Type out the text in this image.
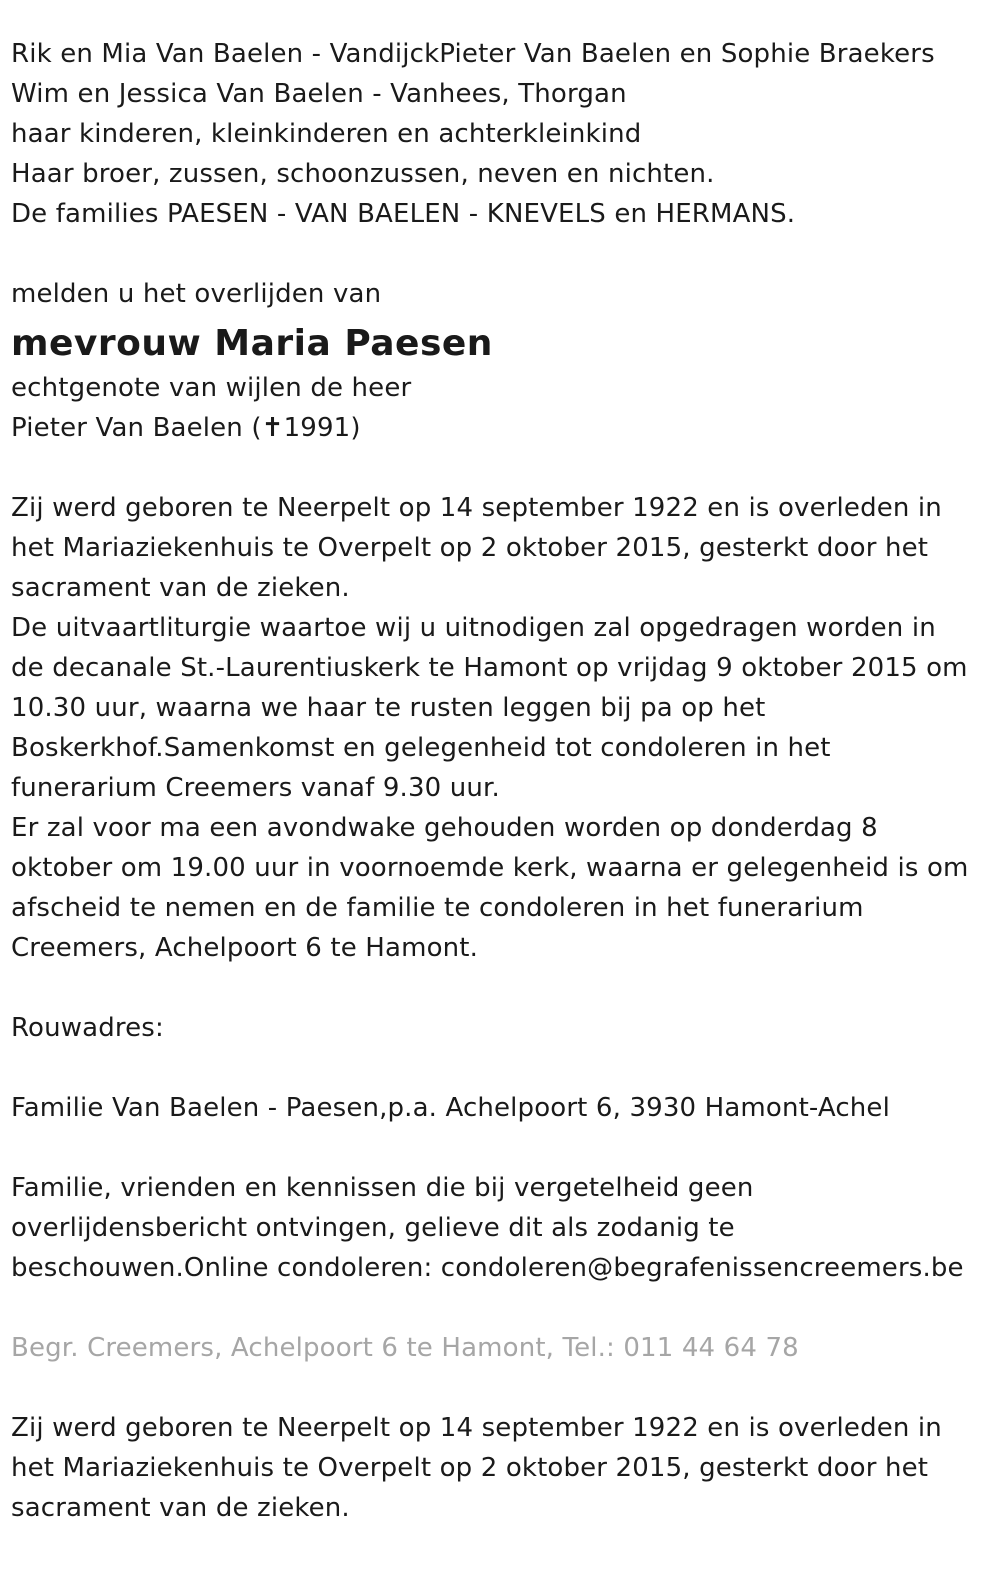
Rik en Mia Van Baelen - VandijckPieter Van Baelen en Sophie Braekers
Wim en Jessica Van Baelen - Vanhees, Thorgan
haar kinderen, kleinkinderen en achterkleinkind
Haar broer, zussen, schoonzussen, neven en nichten.
De families PAESEN - VAN BAELEN - KNEVELS en HERMANS.
melden u het overlijden van
mevrouw Maria Paesen
echtgenote van wijlen de heer
Pieter Van Baelen (✝1991)
Zij werd geboren te Neerpelt op 14 september 1922 en is overleden in
het Mariaziekenhuis te Overpelt op 2 oktober 2015, gesterkt door het
sacrament van de zieken.
De uitvaartliturgie waartoe wij u uitnodigen zal opgedragen worden in
de decanale St.-Laurentiuskerk te Hamont op vrijdag 9 oktober 2015 om
10.30 uur, waarna we haar te rusten leggen bij pa op het
Boskerkhof.Samenkomst en gelegenheid tot condoleren in het
funerarium Creemers vanaf 9.30 uur.
Er zal voor ma een avondwake gehouden worden op donderdag 8
oktober om 19.00 uur in voornoemde kerk, waarna er gelegenheid is om
afscheid te nemen en de familie te condoleren in het funerarium
Creemers, Achelpoort 6 te Hamont.
Rouwadres:
Familie Van Baelen - Paesen,p.a. Achelpoort 6, 3930 Hamont-Achel
Familie, vrienden en kennissen die bij vergetelheid geen
overlijdensbericht ontvingen, gelieve dit als zodanig te
beschouwen.Online condoleren: condoleren@begrafenissencreemers.be
Begr. Creemers, Achelpoort 6 te Hamont, Tel.: 011 44 64 78
Zij werd geboren te Neerpelt op 14 september 1922 en is overleden in
het Mariaziekenhuis te Overpelt op 2 oktober 2015, gesterkt door het
sacrament van de zieken.
